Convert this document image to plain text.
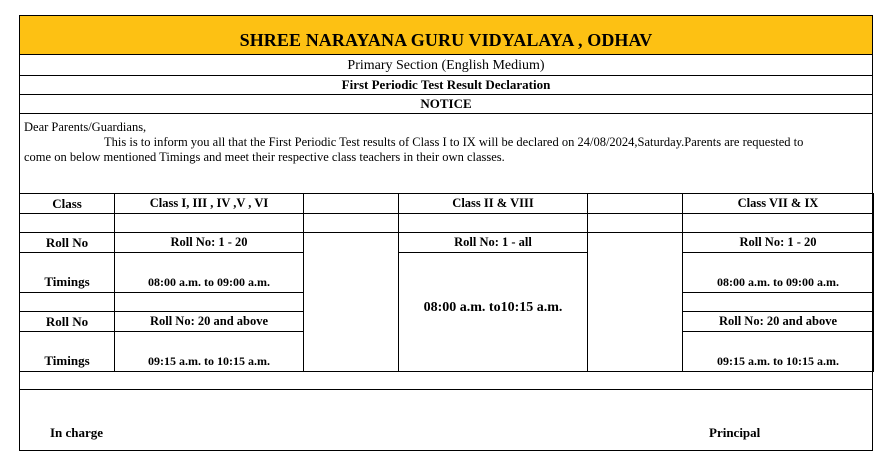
SHREE NARAYANA GURU VIDYALAYA , ODHAV
Primary Section (English Medium)
First Periodic Test Result Declaration
NOTICE
Dear Parents/Guardians,
This is to inform you all that the First Periodic Test results of Class I to IX will be declared on 24/08/2024,Saturday.Parents are requested to
come on below mentioned Timings and meet their respective class teachers in their own classes.
Class	Class I, III , IV ,V , VI		Class II & VIII		Class VII & IX

Roll No	Roll No: 1 - 20		Roll No: 1 - all		Roll No: 1 - 20
Timings	08:00 a.m. to 09:00 a.m.		08:00 a.m. to10:15 a.m.		08:00 a.m. to 09:00 a.m.

Roll No	Roll No: 20 and above				Roll No: 20 and above
Timings	09:15 a.m. to 10:15 a.m.				09:15 a.m. to 10:15 a.m.
In charge	Principal
